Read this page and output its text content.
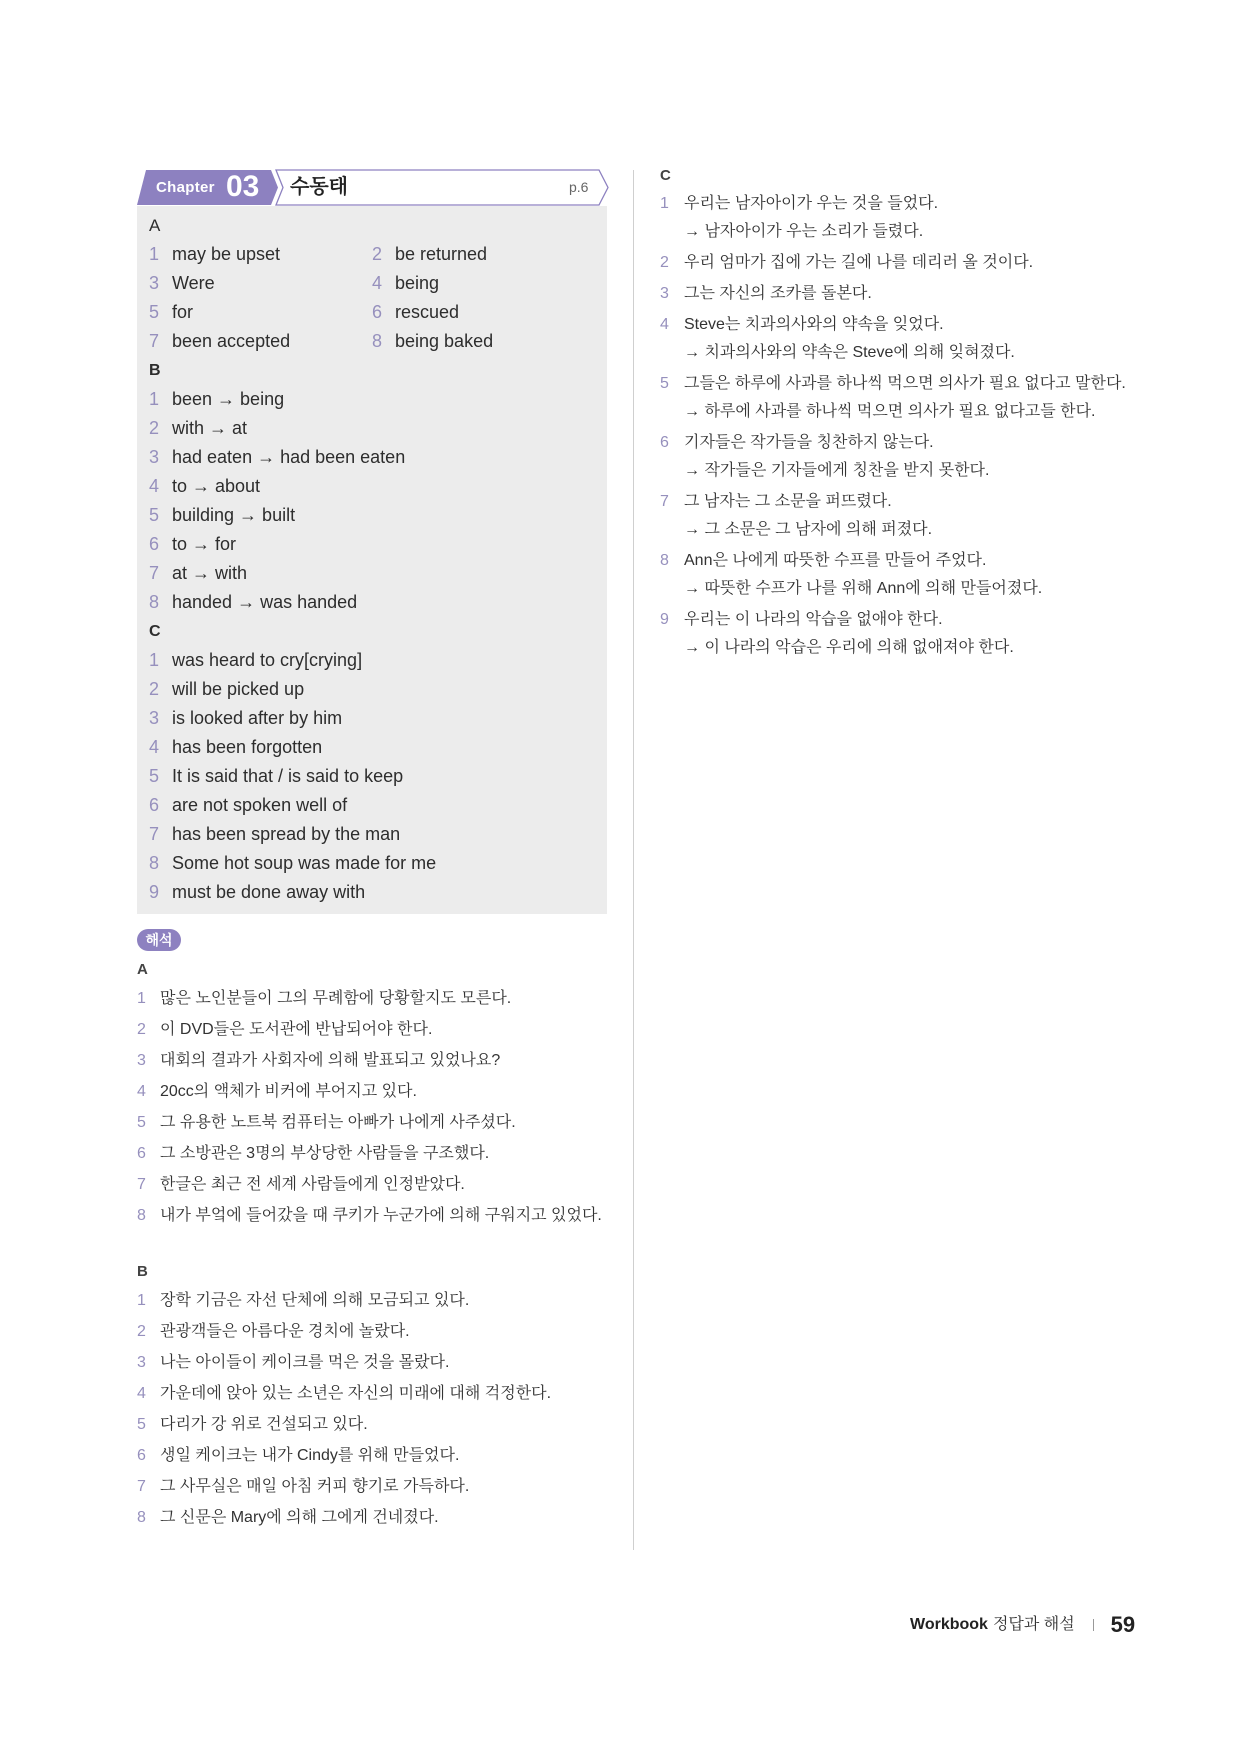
Chapter 03 수동태	p.6
A
1 may be upset	2 be returned
3 Were	4 being
5 for	6 rescued
7 been accepted	8 being baked
B
1 been → being
2 with → at
3 had eaten → had been eaten
4 to → about
5 building → built
6 to → for
7 at → with
8 handed → was handed
C
1 was heard to cry[crying]
2 will be picked up
3 is looked after by him
4 has been forgotten
5 It is said that / is said to keep
6 are not spoken well of
7 has been spread by the man
8 Some hot soup was made for me
9 must be done away with
해석
A
1 많은 노인분들이 그의 무례함에 당황할지도 모른다.
2 이 DVD들은 도서관에 반납되어야 한다.
3 대회의 결과가 사회자에 의해 발표되고 있었나요?
4 20cc의 액체가 비커에 부어지고 있다.
5 그 유용한 노트북 컴퓨터는 아빠가 나에게 사주셨다.
6 그 소방관은 3명의 부상당한 사람들을 구조했다.
7 한글은 최근 전 세계 사람들에게 인정받았다.
8 내가 부엌에 들어갔을 때 쿠키가 누군가에 의해 구워지고 있었다.
B
1 장학 기금은 자선 단체에 의해 모금되고 있다.
2 관광객들은 아름다운 경치에 놀랐다.
3 나는 아이들이 케이크를 먹은 것을 몰랐다.
4 가운데에 앉아 있는 소년은 자신의 미래에 대해 걱정한다.
5 다리가 강 위로 건설되고 있다.
6 생일 케이크는 내가 Cindy를 위해 만들었다.
7 그 사무실은 매일 아침 커피 향기로 가득하다.
8 그 신문은 Mary에 의해 그에게 건네졌다.
C
1 우리는 남자아이가 우는 것을 들었다.
→ 남자아이가 우는 소리가 들렸다.
2 우리 엄마가 집에 가는 길에 나를 데리러 올 것이다.
3 그는 자신의 조카를 돌본다.
4 Steve는 치과의사와의 약속을 잊었다.
→ 치과의사와의 약속은 Steve에 의해 잊혀졌다.
5 그들은 하루에 사과를 하나씩 먹으면 의사가 필요 없다고 말한다.
→ 하루에 사과를 하나씩 먹으면 의사가 필요 없다고들 한다.
6 기자들은 작가들을 칭찬하지 않는다.
→ 작가들은 기자들에게 칭찬을 받지 못한다.
7 그 남자는 그 소문을 퍼뜨렸다.
→ 그 소문은 그 남자에 의해 퍼졌다.
8 Ann은 나에게 따뜻한 수프를 만들어 주었다.
→ 따뜻한 수프가 나를 위해 Ann에 의해 만들어졌다.
9 우리는 이 나라의 악습을 없애야 한다.
→ 이 나라의 악습은 우리에 의해 없애져야 한다.
Workbook 정답과 해설 59
